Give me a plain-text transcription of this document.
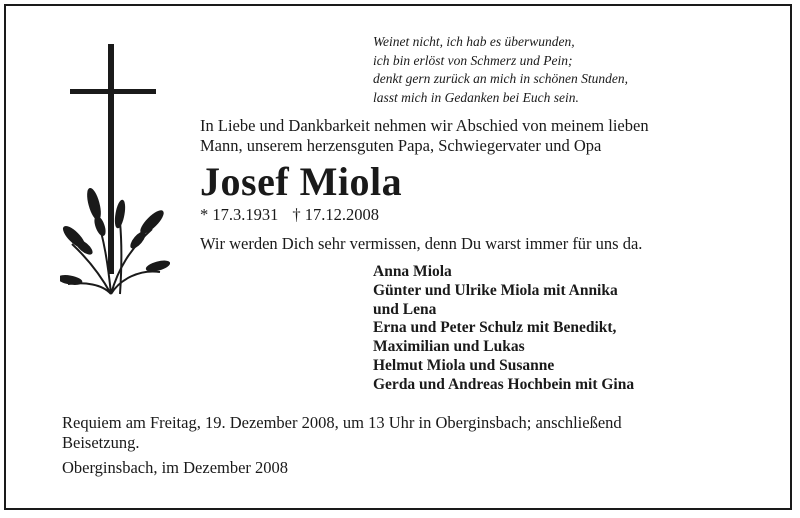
Weinet nicht, ich hab es überwunden,
ich bin erlöst von Schmerz und Pein;
denkt gern zurück an mich in schönen Stunden,
lasst mich in Gedanken bei Euch sein.
In Liebe und Dankbarkeit nehmen wir Abschied von meinem lieben
Mann, unserem herzensguten Papa, Schwiegervater und Opa
Josef Miola
* 17.3.1931 † 17.12.2008
Wir werden Dich sehr vermissen, denn Du warst immer für uns da.
Anna Miola
Günter und Ulrike Miola mit Annika
und Lena
Erna und Peter Schulz mit Benedikt,
Maximilian und Lukas
Helmut Miola und Susanne
Gerda und Andreas Hochbein mit Gina
Requiem am Freitag, 19. Dezember 2008, um 13 Uhr in Oberginsbach; anschließend
Beisetzung.
Oberginsbach, im Dezember 2008
